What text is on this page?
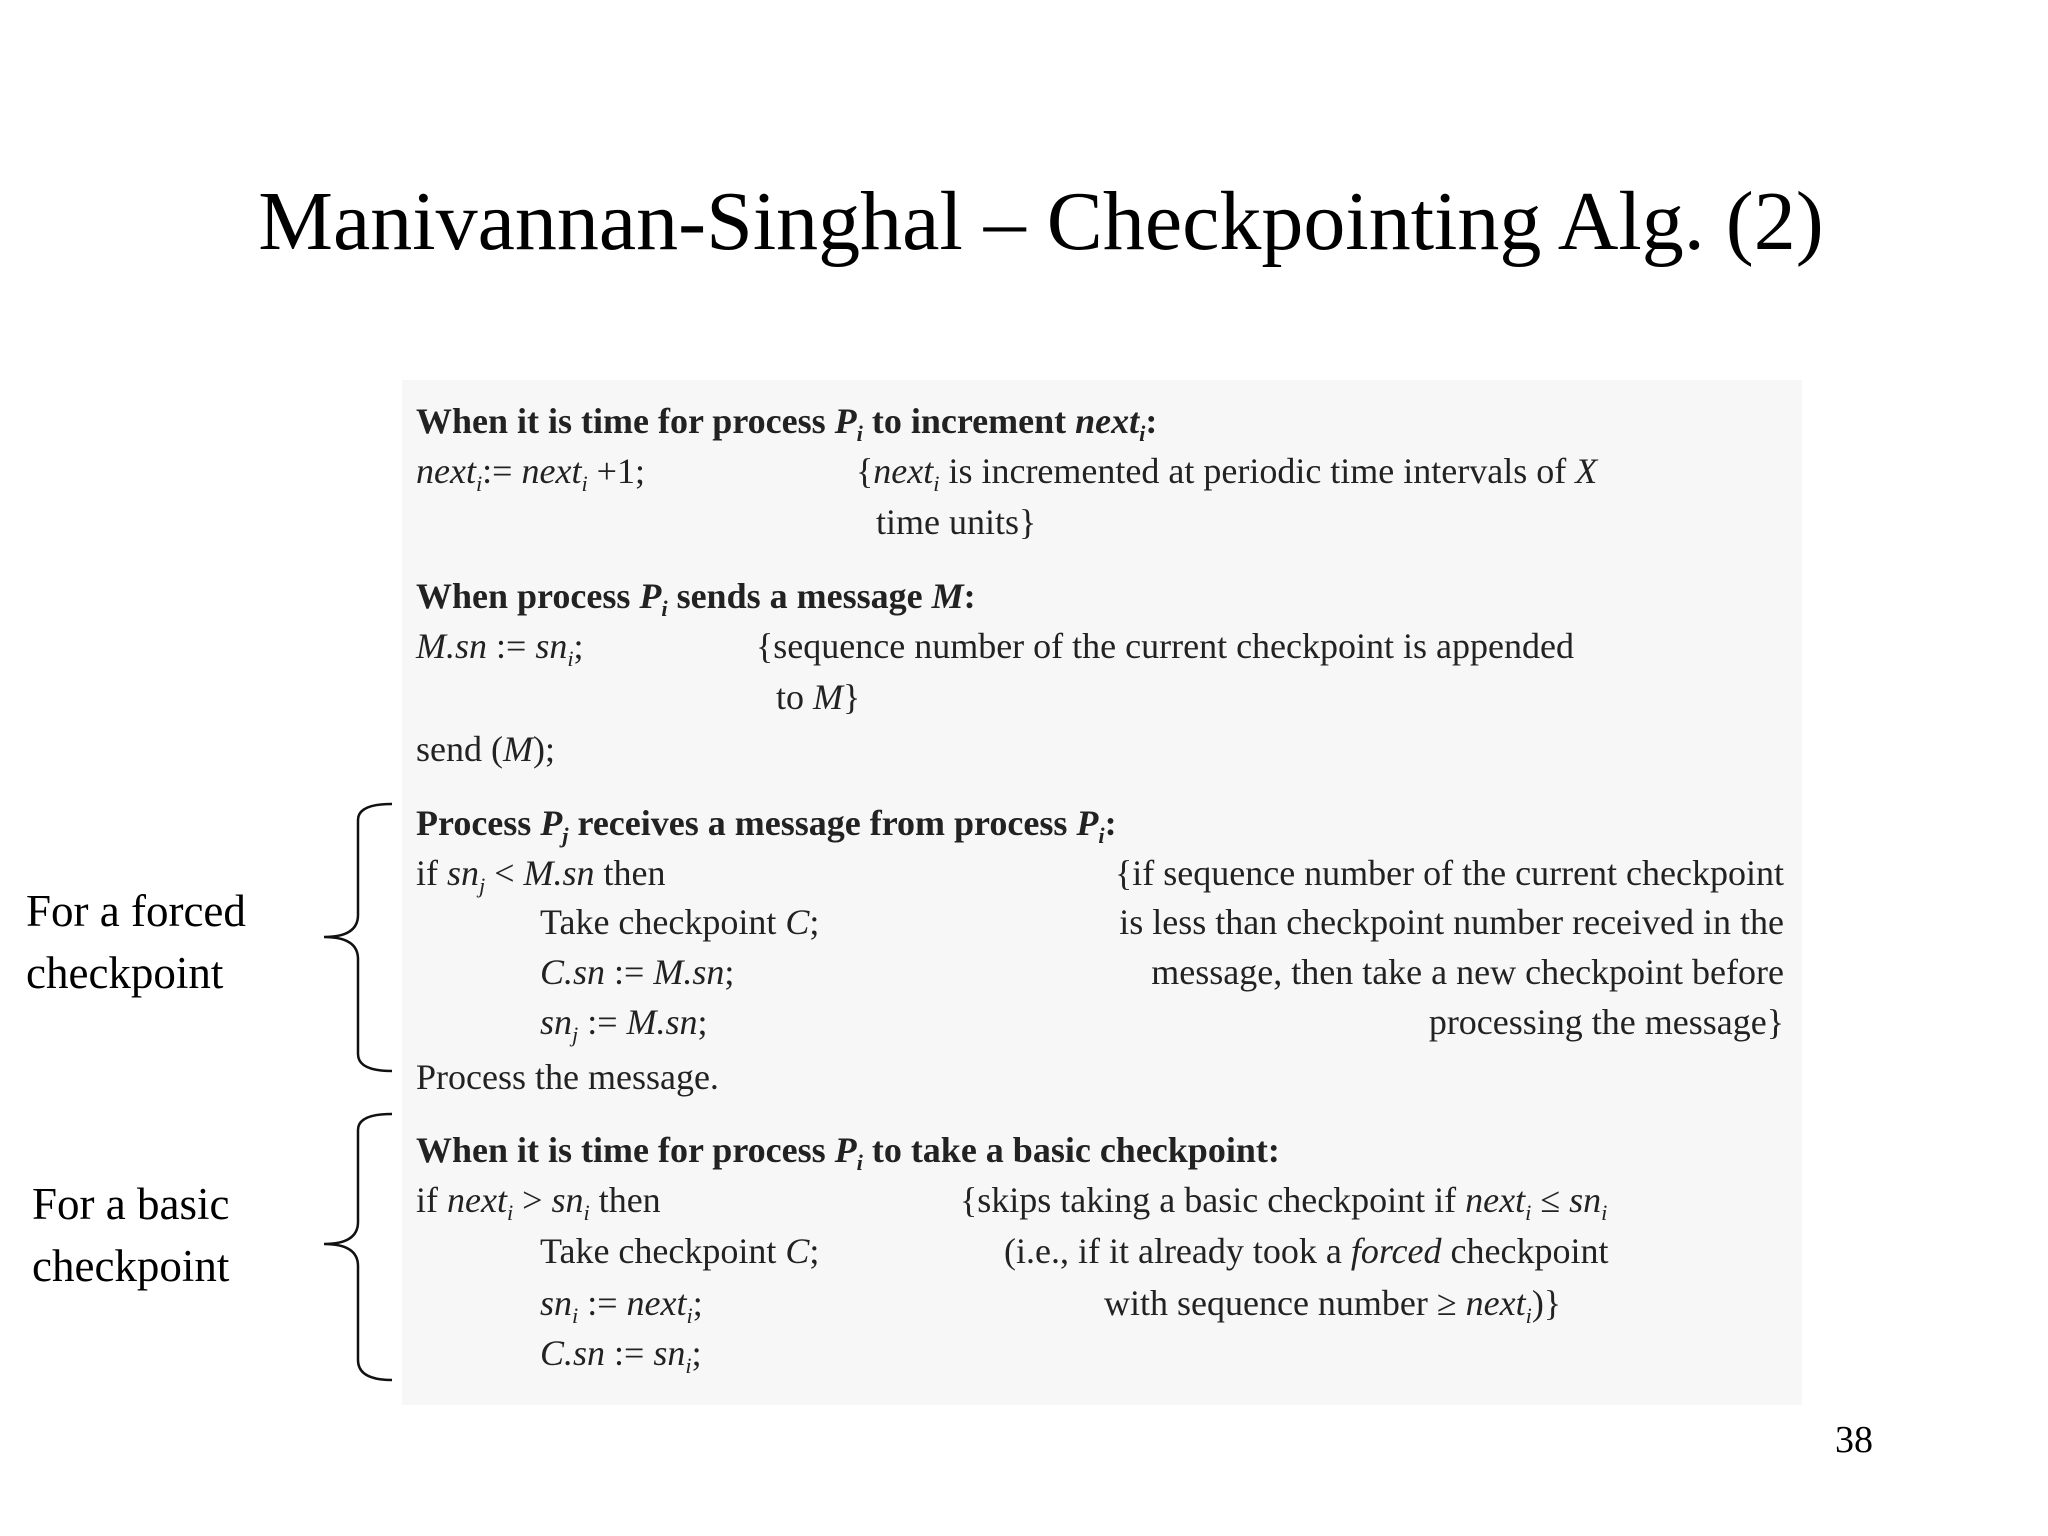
Manivannan-Singhal – Checkpointing Alg. (2)
When it is time for process $P_i$ to increment next$_i$:
next$_i$:= next$_i$ +1;	{next$_i$ is incremented at periodic time intervals of X
time units}
When process $P_i$ sends a message M:
M.sn := $sn_i$;	{sequence number of the current checkpoint is appended
to M}
send (M);
Process $P_j$ receives a message from process $P_i$:
if $sn_j < M.sn$ then
Take checkpoint C;
C.sn := M.sn;
$sn_j$ := M.sn;
Process the message.
{if sequence number of the current checkpoint
is less than checkpoint number received in the
message, then take a new checkpoint before
processing the message}
When it is time for process $P_i$ to take a basic checkpoint:
if next$_i$ > $sn_i$ then
Take checkpoint C;
$sn_i$ := next$_i$;
C.sn := $sn_i$;
{skips taking a basic checkpoint if next$_i$ ≤ $sn_i$
(i.e., if it already took a forced checkpoint
with sequence number ≥ next$_i$)}
For a forced
checkpoint
For a basic
checkpoint
38
